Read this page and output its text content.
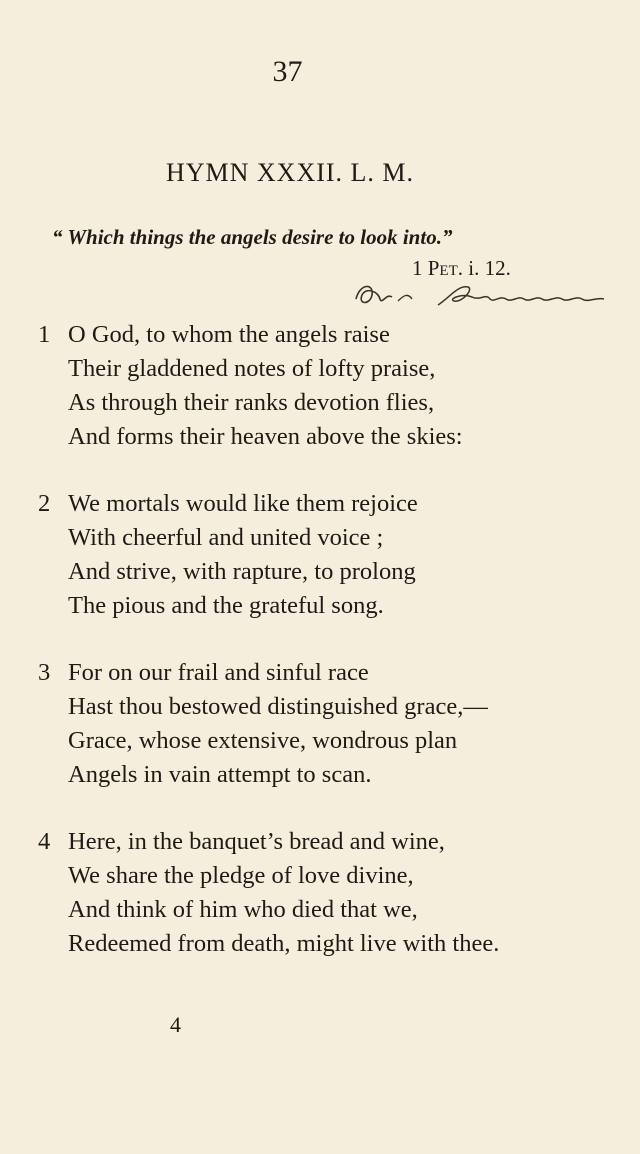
37
HYMN XXXII. L. M.
“ Which things the angels desire to look into.”
1 Pet. i. 12.
1 O God, to whom the angels raise
Their gladdened notes of lofty praise,
As through their ranks devotion flies,
And forms their heaven above the skies:
2 We mortals would like them rejoice
With cheerful and united voice ;
And strive, with rapture, to prolong
The pious and the grateful song.
3 For on our frail and sinful race
Hast thou bestowed distinguished grace,—
Grace, whose extensive, wondrous plan
Angels in vain attempt to scan.
4 Here, in the banquet’s bread and wine,
We share the pledge of love divine,
And think of him who died that we,
Redeemed from death, might live with thee.
4
